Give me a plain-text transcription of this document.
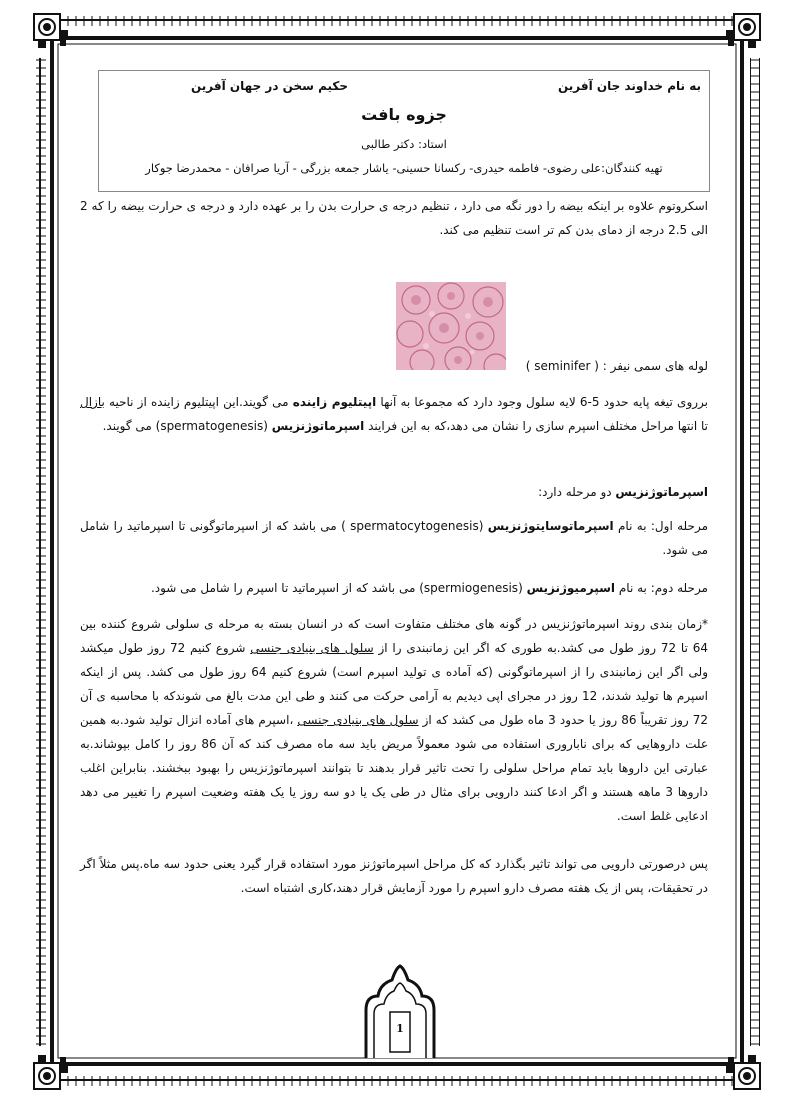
به نام خداوند جان آفرین
حکیم سخن در جهان آفرین
جزوه بافت
استاد: دکتر طالبی
تهیه کنندگان:علی رضوی- فاطمه حیدری- رکسانا حسینی- یاشار جمعه بزرگی - آریا صرافان - محمدرضا جوکار

اسکروتوم علاوه بر اینکه بیضه را دور نگه می دارد ، تنظیم درجه ی حرارت بدن را بر عهده دارد و درجه ی حرارت بیضه را که 2 الی 2.5 درجه از دمای بدن کم تر است تنظیم می کند.

لوله های سمی نیفر : ( seminifer )

برروی تیغه پایه حدود 5-6 لایه سلول وجود دارد که مجموعا به آنها اپیتلیوم زاینده می گویند.این اپیتلیوم زاینده از ناحیه بازال تا انتها مراحل مختلف اسپرم سازی را نشان می دهد،که به این فرایند اسپرماتوژنزیس (spermatogenesis) می گویند.

اسپرماتوژنزیس دو مرحله دارد:

مرحله اول: به نام اسپرماتوسایتوژنزیس (spermatocytogenesis ) می باشد که از اسپرماتوگونی تا اسپرماتید را شامل می شود.

مرحله دوم: به نام اسپرمیوژنزیس (spermiogenesis) می باشد که از اسپرماتید تا اسپرم را شامل می شود.

*زمان بندی روند اسپرماتوژنزیس در گونه های مختلف متفاوت است که در انسان بسته به مرحله ی سلولی شروع کننده بین 64 تا 72 روز طول می کشد.به طوری که اگر این زمانبندی را از سلول های بنیادی جنسی شروع کنیم 72 روز طول میکشد ولی اگر این زمانبندی را از اسپرماتوگونی (که آماده ی تولید اسپرم است) شروع کنیم 64 روز طول می کشد. پس از اینکه اسپرم ها تولید شدند، 12 روز در مجرای اپی دیدیم به آرامی حرکت می کنند و طی این مدت بالغ می شوندکه با محاسبه ی آن 72 روز تقریباً 86 روز یا حدود 3 ماه طول می کشد که از سلول های بنیادی جنسی ،اسپرم های آماده انزال تولید شود.به همین علت داروهایی که برای ناباروری استفاده می شود معمولاً مریض باید سه ماه مصرف کند که آن 86 روز را کامل بپوشاند.به عبارتی این داروها باید تمام مراحل سلولی را تحت تاثیر قرار بدهند تا بتوانند اسپرماتوژنزیس را بهبود ببخشند. بنابراین اغلب داروها 3 ماهه هستند و اگر ادعا کنند دارویی برای مثال در طی یک یا دو سه روز یا یک هفته وضعیت اسپرم را تغییر می دهد ادعایی غلط است.

پس درصورتی دارویی می تواند تاثیر بگذارد که کل مراحل اسپرماتوژنز مورد استفاده قرار گیرد یعنی حدود سه ماه.پس مثلاً اگر در تحقیقات، پس از یک هفته مصرف دارو اسپرم را مورد آزمایش قرار دهند،کاری اشتباه است.

1
